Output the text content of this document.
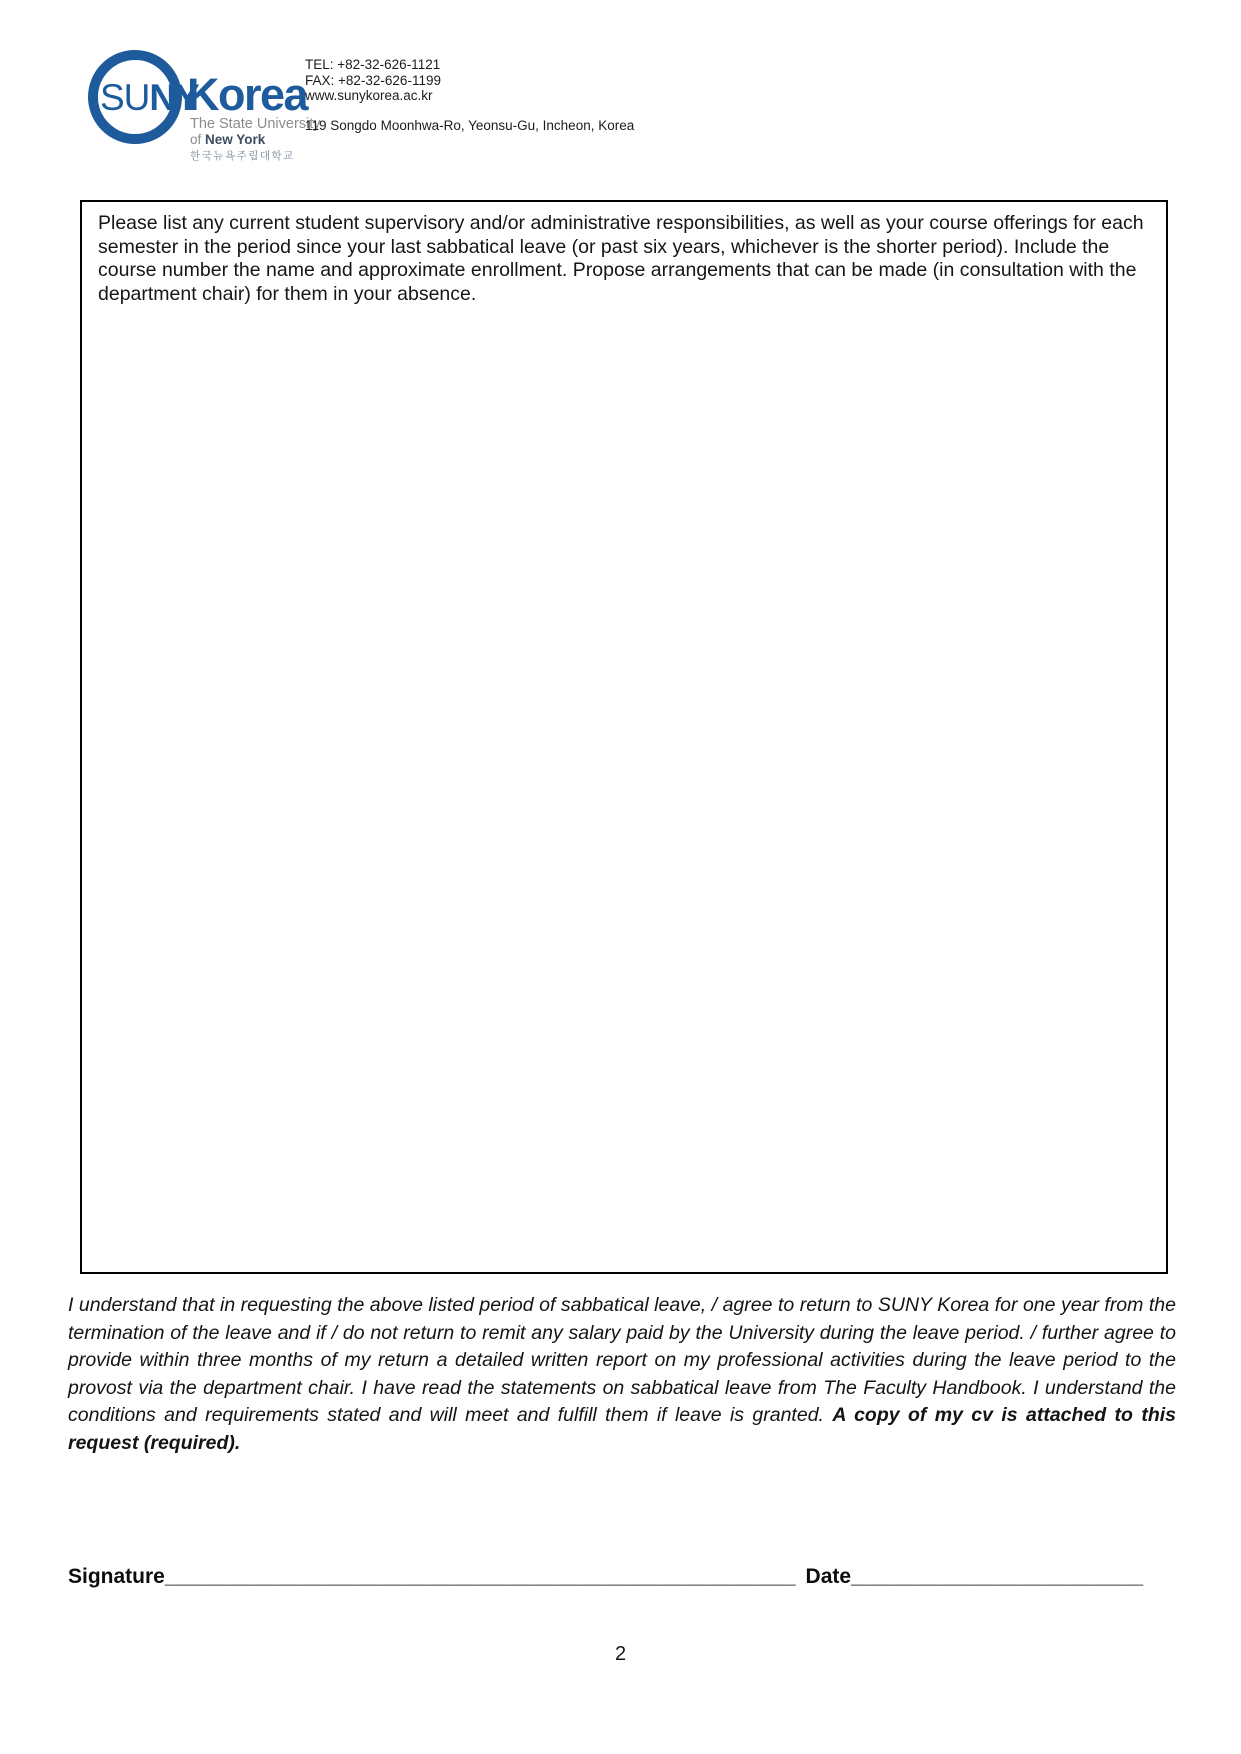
SUNY
Korea
The State University
of New York
한국뉴욕주립대학교
TEL: +82-32-626-1121
FAX: +82-32-626-1199
www.sunykorea.ac.kr
119 Songdo Moonhwa-Ro, Yeonsu-Gu, Incheon, Korea
Please list any current student supervisory and/or administrative responsibilities, as well as your course offerings for each semester in the period since your last sabbatical leave (or past six years, whichever is the shorter period). Include the course number the name and approximate enrollment. Propose arrangements that can be made (in consultation with the department chair) for them in your absence.
I understand that in requesting the above listed period of sabbatical leave, / agree to return to SUNY Korea for one year from the termination of the leave and if / do not return to remit any salary paid by the University during the leave period. / further agree to provide within three months of my return a detailed written report on my professional activities during the leave period to the provost via the department chair. I have read the statements on sabbatical leave from The Faculty Handbook. I understand the conditions and requirements stated and will meet and fulfill them if leave is granted. A copy of my cv is attached to this request (required).
Signature______________________________________________________ Date_________________________
2
